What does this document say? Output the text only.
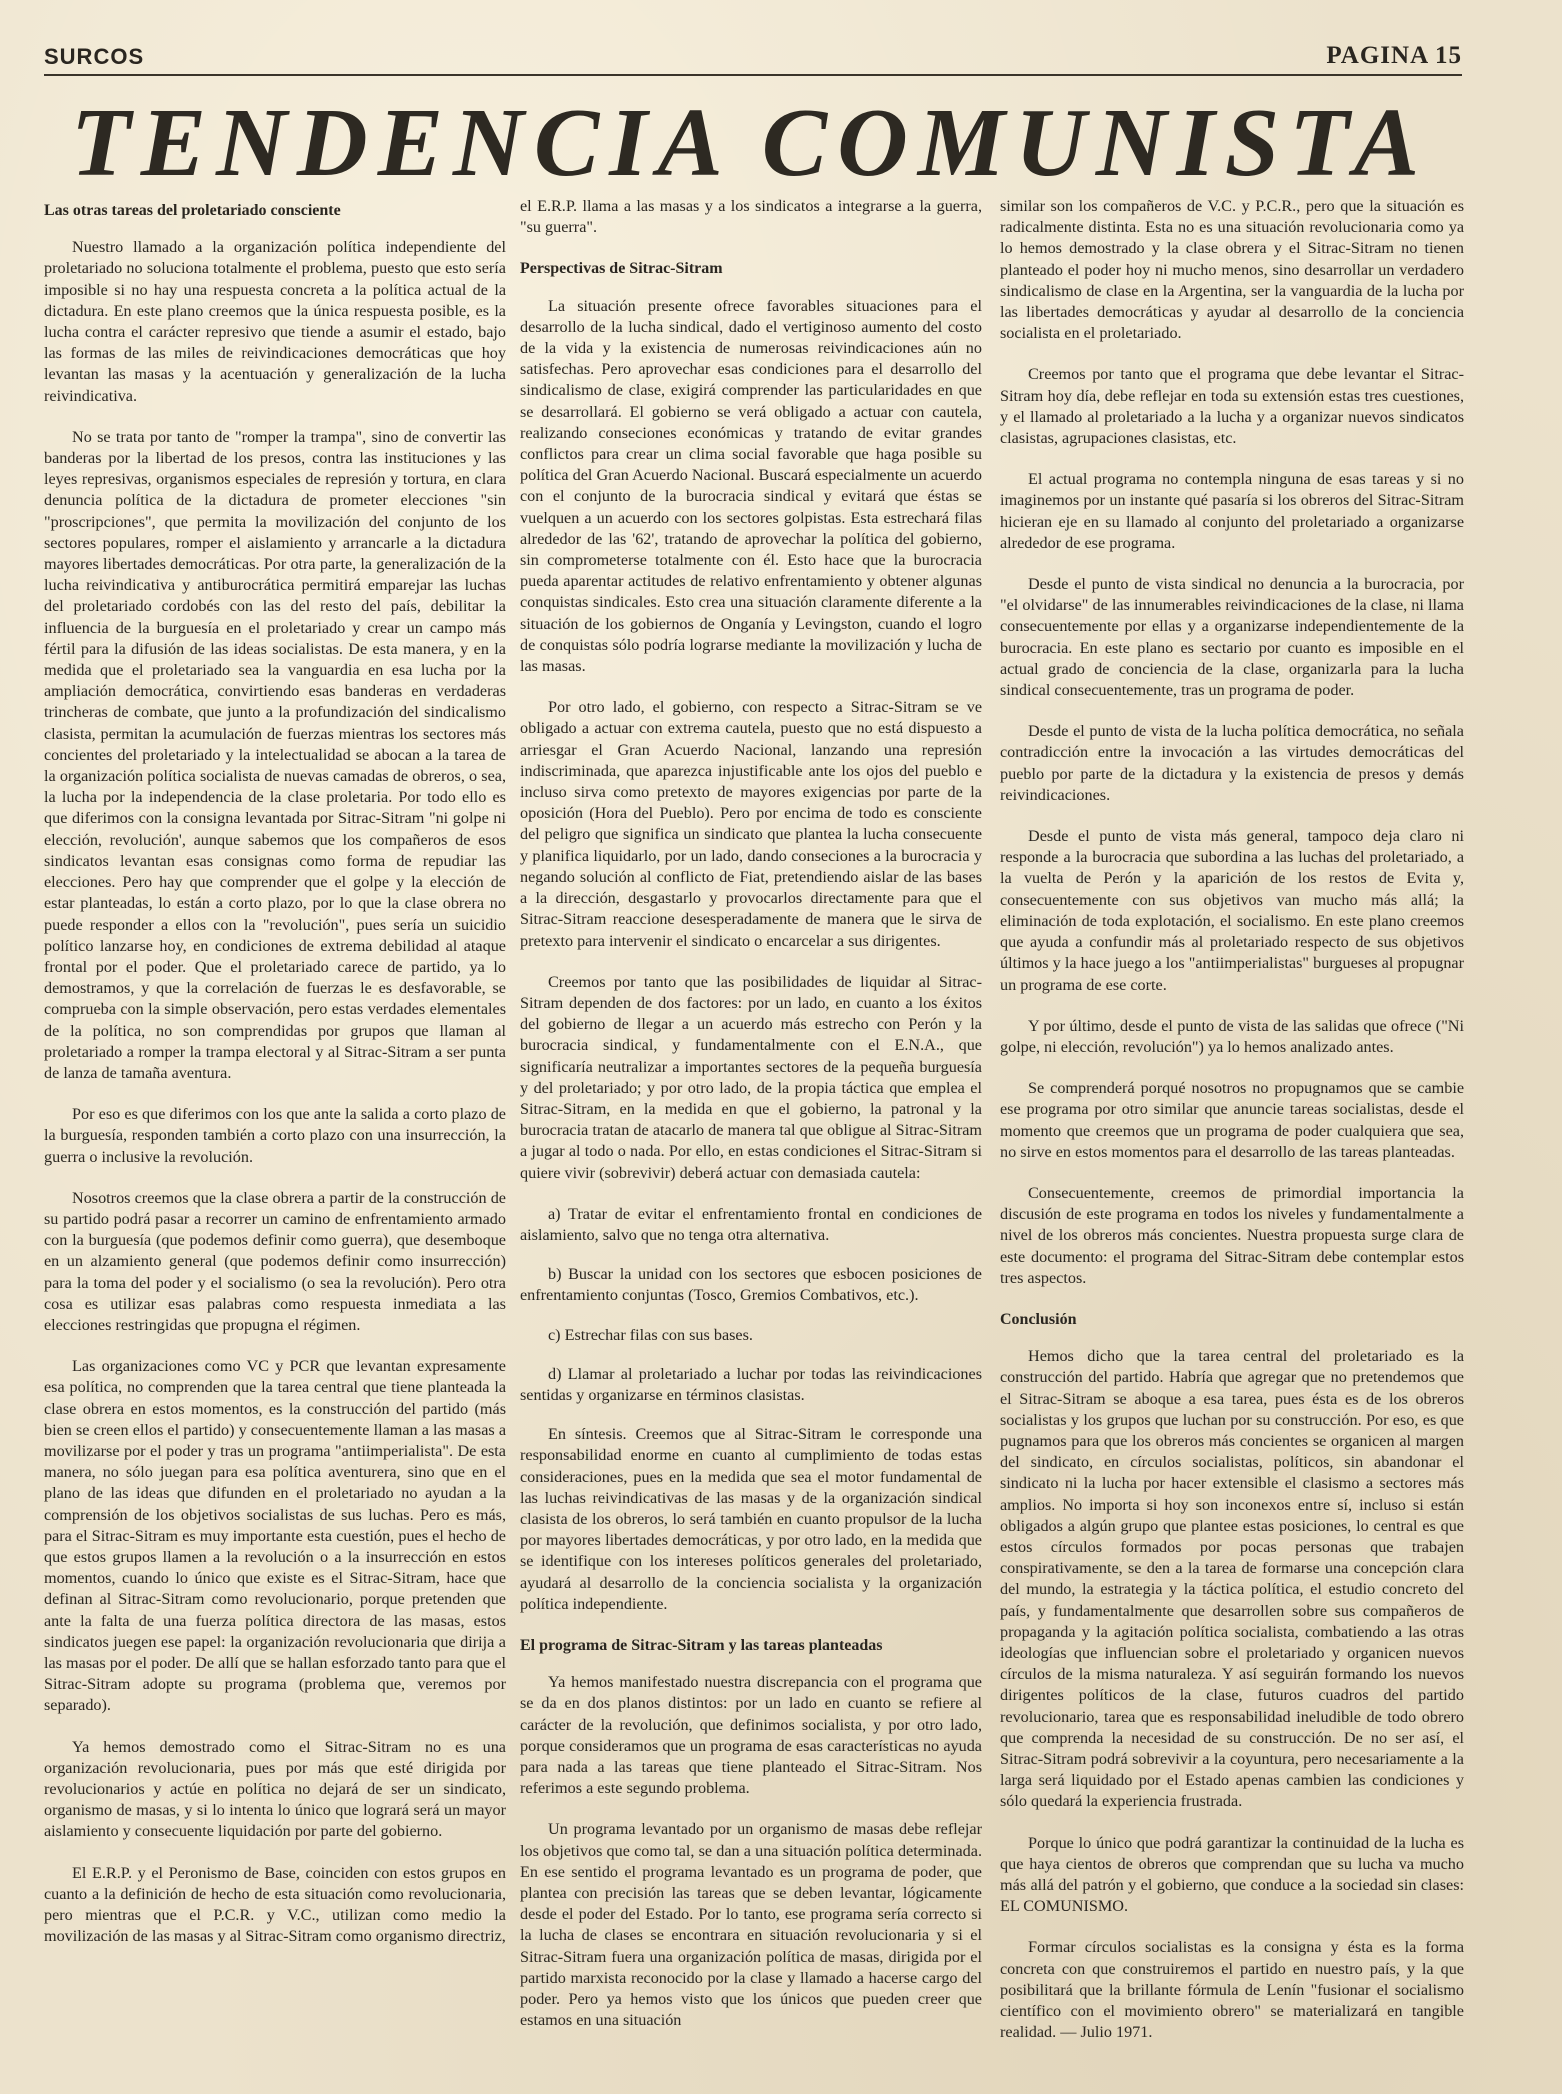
SURCOS	PAGINA 15
TENDENCIA COMUNISTA
Las otras tareas del proletariado consciente

Nuestro llamado a la organización política independiente del proletariado no soluciona totalmente el problema, puesto que esto sería imposible si no hay una respuesta concreta a la política actual de la dictadura. En este plano creemos que la única respuesta posible, es la lucha contra el carácter represivo que tiende a asumir el estado, bajo las formas de las miles de reivindicaciones democráticas que hoy levantan las masas y la acentuación y generalización de la lucha reivindicativa.

No se trata por tanto de "romper la trampa", sino de convertir las banderas por la libertad de los presos, contra las instituciones y las leyes represivas, organismos especiales de represión y tortura, en clara denuncia política de la dictadura de prometer elecciones "sin "proscripciones", que permita la movilización del conjunto de los sectores populares, romper el aislamiento y arrancarle a la dictadura mayores libertades democráticas. Por otra parte, la generalización de la lucha reivindicativa y antiburocrática permitirá emparejar las luchas del proletariado cordobés con las del resto del país, debilitar la influencia de la burguesía en el proletariado y crear un campo más fértil para la difusión de las ideas socialistas. De esta manera, y en la medida que el proletariado sea la vanguardia en esa lucha por la ampliación democrática, convirtiendo esas banderas en verdaderas trincheras de combate, que junto a la profundización del sindicalismo clasista, permitan la acumulación de fuerzas mientras los sectores más concientes del proletariado y la intelectualidad se abocan a la tarea de la organización política socialista de nuevas camadas de obreros, o sea, la lucha por la independencia de la clase proletaria. Por todo ello es que diferimos con la consigna levantada por Sitrac-Sitram "ni golpe ni elección, revolución', aunque sabemos que los compañeros de esos sindicatos levantan esas consignas como forma de repudiar las elecciones. Pero hay que comprender que el golpe y la elección de estar planteadas, lo están a corto plazo, por lo que la clase obrera no puede responder a ellos con la "revolución", pues sería un suicidio político lanzarse hoy, en condiciones de extrema debilidad al ataque frontal por el poder. Que el proletariado carece de partido, ya lo demostramos, y que la correlación de fuerzas le es desfavorable, se comprueba con la simple observación, pero estas verdades elementales de la política, no son comprendidas por grupos que llaman al proletariado a romper la trampa electoral y al Sitrac-Sitram a ser punta de lanza de tamaña aventura.

Por eso es que diferimos con los que ante la salida a corto plazo de la burguesía, responden también a corto plazo con una insurrección, la guerra o inclusive la revolución.

Nosotros creemos que la clase obrera a partir de la construcción de su partido podrá pasar a recorrer un camino de enfrentamiento armado con la burguesía (que podemos definir como guerra), que desemboque en un alzamiento general (que podemos definir como insurrección) para la toma del poder y el socialismo (o sea la revolución). Pero otra cosa es utilizar esas palabras como respuesta inmediata a las elecciones restringidas que propugna el régimen.

Las organizaciones como VC y PCR que levantan expresamente esa política, no comprenden que la tarea central que tiene planteada la clase obrera en estos momentos, es la construcción del partido (más bien se creen ellos el partido) y consecuentemente llaman a las masas a movilizarse por el poder y tras un programa "antiimperialista". De esta manera, no sólo juegan para esa política aventurera, sino que en el plano de las ideas que difunden en el proletariado no ayudan a la comprensión de los objetivos socialistas de sus luchas. Pero es más, para el Sitrac-Sitram es muy importante esta cuestión, pues el hecho de que estos grupos llamen a la revolución o a la insurrección en estos momentos, cuando lo único que existe es el Sitrac-Sitram, hace que definan al Sitrac-Sitram como revolucionario, porque pretenden que ante la falta de una fuerza política directora de las masas, estos sindicatos juegen ese papel: la organización revolucionaria que dirija a las masas por el poder. De allí que se hallan esforzado tanto para que el Sitrac-Sitram adopte su programa (problema que, veremos por separado).

Ya hemos demostrado como el Sitrac-Sitram no es una organización revolucionaria, pues por más que esté dirigida por revolucionarios y actúe en política no dejará de ser un sindicato, organismo de masas, y si lo intenta lo único que logrará será un mayor aislamiento y consecuente liquidación por parte del gobierno.

El E.R.P. y el Peronismo de Base, coinciden con estos grupos en cuanto a la definición de hecho de esta situación como revolucionaria, pero mientras que el P.C.R. y V.C., utilizan como medio la movilización de las masas y al Sitrac-Sitram como organismo directriz,

el E.R.P. llama a las masas y a los sindicatos a integrarse a la guerra, "su guerra".

Perspectivas de Sitrac-Sitram

La situación presente ofrece favorables situaciones para el desarrollo de la lucha sindical, dado el vertiginoso aumento del costo de la vida y la existencia de numerosas reivindicaciones aún no satisfechas. Pero aprovechar esas condiciones para el desarrollo del sindicalismo de clase, exigirá comprender las particularidades en que se desarrollará. El gobierno se verá obligado a actuar con cautela, realizando conseciones económicas y tratando de evitar grandes conflictos para crear un clima social favorable que haga posible su política del Gran Acuerdo Nacional. Buscará especialmente un acuerdo con el conjunto de la burocracia sindical y evitará que éstas se vuelquen a un acuerdo con los sectores golpistas. Esta estrechará filas alrededor de las '62', tratando de aprovechar la política del gobierno, sin comprometerse totalmente con él. Esto hace que la burocracia pueda aparentar actitudes de relativo enfrentamiento y obtener algunas conquistas sindicales. Esto crea una situación claramente diferente a la situación de los gobiernos de Onganía y Levingston, cuando el logro de conquistas sólo podría lograrse mediante la movilización y lucha de las masas.

Por otro lado, el gobierno, con respecto a Sitrac-Sitram se ve obligado a actuar con extrema cautela, puesto que no está dispuesto a arriesgar el Gran Acuerdo Nacional, lanzando una represión indiscriminada, que aparezca injustificable ante los ojos del pueblo e incluso sirva como pretexto de mayores exigencias por parte de la oposición (Hora del Pueblo). Pero por encima de todo es consciente del peligro que significa un sindicato que plantea la lucha consecuente y planifica liquidarlo, por un lado, dando conseciones a la burocracia y negando solución al conflicto de Fiat, pretendiendo aislar de las bases a la dirección, desgastarlo y provocarlos directamente para que el Sitrac-Sitram reaccione desesperadamente de manera que le sirva de pretexto para intervenir el sindicato o encarcelar a sus dirigentes.

Creemos por tanto que las posibilidades de liquidar al Sitrac-Sitram dependen de dos factores: por un lado, en cuanto a los éxitos del gobierno de llegar a un acuerdo más estrecho con Perón y la burocracia sindical, y fundamentalmente con el E.N.A., que significaría neutralizar a importantes sectores de la pequeña burguesía y del proletariado; y por otro lado, de la propia táctica que emplea el Sitrac-Sitram, en la medida en que el gobierno, la patronal y la burocracia tratan de atacarlo de manera tal que obligue al Sitrac-Sitram a jugar al todo o nada. Por ello, en estas condiciones el Sitrac-Sitram si quiere vivir (sobrevivir) deberá actuar con demasiada cautela:

a) Tratar de evitar el enfrentamiento frontal en condiciones de aislamiento, salvo que no tenga otra alternativa.

b) Buscar la unidad con los sectores que esbocen posiciones de enfrentamiento conjuntas (Tosco, Gremios Combativos, etc.).

c) Estrechar filas con sus bases.

d) Llamar al proletariado a luchar por todas las reivindicaciones sentidas y organizarse en términos clasistas.

En síntesis. Creemos que al Sitrac-Sitram le corresponde una responsabilidad enorme en cuanto al cumplimiento de todas estas consideraciones, pues en la medida que sea el motor fundamental de las luchas reivindicativas de las masas y de la organización sindical clasista de los obreros, lo será también en cuanto propulsor de la lucha por mayores libertades democráticas, y por otro lado, en la medida que se identifique con los intereses políticos generales del proletariado, ayudará al desarrollo de la conciencia socialista y la organización política independiente.

El programa de Sitrac-Sitram y las tareas planteadas

Ya hemos manifestado nuestra discrepancia con el programa que se da en dos planos distintos: por un lado en cuanto se refiere al carácter de la revolución, que definimos socialista, y por otro lado, porque consideramos que un programa de esas características no ayuda para nada a las tareas que tiene planteado el Sitrac-Sitram. Nos referimos a este segundo problema.

Un programa levantado por un organismo de masas debe reflejar los objetivos que como tal, se dan a una situación política determinada. En ese sentido el programa levantado es un programa de poder, que plantea con precisión las tareas que se deben levantar, lógicamente desde el poder del Estado. Por lo tanto, ese programa sería correcto si la lucha de clases se encontrara en situación revolucionaria y si el Sitrac-Sitram fuera una organización política de masas, dirigida por el partido marxista reconocido por la clase y llamado a hacerse cargo del poder. Pero ya hemos visto que los únicos que pueden creer que estamos en una situación

similar son los compañeros de V.C. y P.C.R., pero que la situación es radicalmente distinta. Esta no es una situación revolucionaria como ya lo hemos demostrado y la clase obrera y el Sitrac-Sitram no tienen planteado el poder hoy ni mucho menos, sino desarrollar un verdadero sindicalismo de clase en la Argentina, ser la vanguardia de la lucha por las libertades democráticas y ayudar al desarrollo de la conciencia socialista en el proletariado.

Creemos por tanto que el programa que debe levantar el Sitrac-Sitram hoy día, debe reflejar en toda su extensión estas tres cuestiones, y el llamado al proletariado a la lucha y a organizar nuevos sindicatos clasistas, agrupaciones clasistas, etc.

El actual programa no contempla ninguna de esas tareas y si no imaginemos por un instante qué pasaría si los obreros del Sitrac-Sitram hicieran eje en su llamado al conjunto del proletariado a organizarse alrededor de ese programa.

Desde el punto de vista sindical no denuncia a la burocracia, por "el olvidarse" de las innumerables reivindicaciones de la clase, ni llama consecuentemente por ellas y a organizarse independientemente de la burocracia. En este plano es sectario por cuanto es imposible en el actual grado de conciencia de la clase, organizarla para la lucha sindical consecuentemente, tras un programa de poder.

Desde el punto de vista de la lucha política democrática, no señala contradicción entre la invocación a las virtudes democráticas del pueblo por parte de la dictadura y la existencia de presos y demás reivindicaciones.

Desde el punto de vista más general, tampoco deja claro ni responde a la burocracia que subordina a las luchas del proletariado, a la vuelta de Perón y la aparición de los restos de Evita y, consecuentemente con sus objetivos van mucho más allá; la eliminación de toda explotación, el socialismo. En este plano creemos que ayuda a confundir más al proletariado respecto de sus objetivos últimos y la hace juego a los "antiimperialistas" burgueses al propugnar un programa de ese corte.

Y por último, desde el punto de vista de las salidas que ofrece ("Ni golpe, ni elección, revolución") ya lo hemos analizado antes.

Se comprenderá porqué nosotros no propugnamos que se cambie ese programa por otro similar que anuncie tareas socialistas, desde el momento que creemos que un programa de poder cualquiera que sea, no sirve en estos momentos para el desarrollo de las tareas planteadas.

Consecuentemente, creemos de primordial importancia la discusión de este programa en todos los niveles y fundamentalmente a nivel de los obreros más concientes. Nuestra propuesta surge clara de este documento: el programa del Sitrac-Sitram debe contemplar estos tres aspectos.

Conclusión

Hemos dicho que la tarea central del proletariado es la construcción del partido. Habría que agregar que no pretendemos que el Sitrac-Sitram se aboque a esa tarea, pues ésta es de los obreros socialistas y los grupos que luchan por su construcción. Por eso, es que pugnamos para que los obreros más concientes se organicen al margen del sindicato, en círculos socialistas, políticos, sin abandonar el sindicato ni la lucha por hacer extensible el clasismo a sectores más amplios. No importa si hoy son inconexos entre sí, incluso si están obligados a algún grupo que plantee estas posiciones, lo central es que estos círculos formados por pocas personas que trabajen conspirativamente, se den a la tarea de formarse una concepción clara del mundo, la estrategia y la táctica política, el estudio concreto del país, y fundamentalmente que desarrollen sobre sus compañeros de propaganda y la agitación política socialista, combatiendo a las otras ideologías que influencian sobre el proletariado y organicen nuevos círculos de la misma naturaleza. Y así seguirán formando los nuevos dirigentes políticos de la clase, futuros cuadros del partido revolucionario, tarea que es responsabilidad ineludible de todo obrero que comprenda la necesidad de su construcción. De no ser así, el Sitrac-Sitram podrá sobrevivir a la coyuntura, pero necesariamente a la larga será liquidado por el Estado apenas cambien las condiciones y sólo quedará la experiencia frustrada.

Porque lo único que podrá garantizar la continuidad de la lucha es que haya cientos de obreros que comprendan que su lucha va mucho más allá del patrón y el gobierno, que conduce a la sociedad sin clases: EL COMUNISMO.

Formar círculos socialistas es la consigna y ésta es la forma concreta con que construiremos el partido en nuestro país, y la que posibilitará que la brillante fórmula de Lenín "fusionar el socialismo científico con el movimiento obrero" se materializará en tangible realidad. — Julio 1971.
